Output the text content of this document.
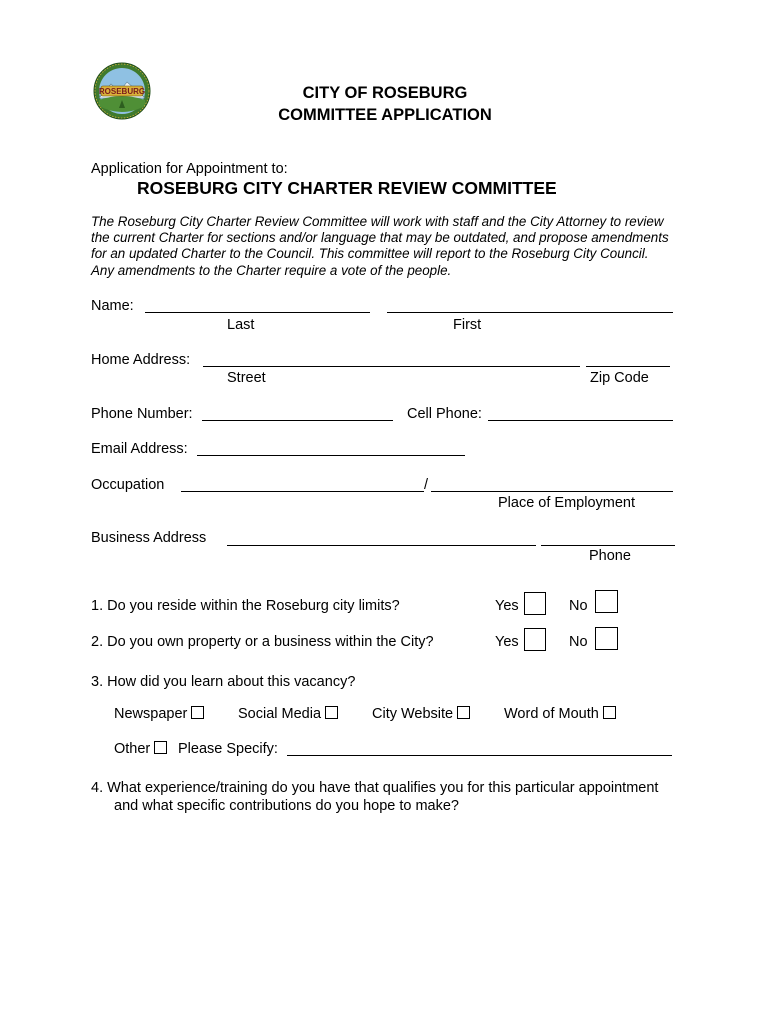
ROSEBURG	CITY OF ROSEBURG
COMMITTEE APPLICATION
Application for Appointment to:
ROSEBURG CITY CHARTER REVIEW COMMITTEE
The Roseburg City Charter Review Committee will work with staff and the City Attorney to review
the current Charter for sections and/or language that may be outdated, and propose amendments
for an updated Charter to the Council. This committee will report to the Roseburg City Council.
Any amendments to the Charter require a vote of the people.
Name:
Last	First
Home Address:
Street	Zip Code
Phone Number:	Cell Phone:
Email Address:
Occupation	/
Place of Employment
Business Address
Phone
1. Do you reside within the Roseburg city limits?	Yes	No
2. Do you own property or a business within the City?	Yes	No
3. How did you learn about this vacancy?
Newspaper	Social Media	City Website	Word of Mouth
Other	Please Specify:
4. What experience/training do you have that qualifies you for this particular appointment
and what specific contributions do you hope to make?
